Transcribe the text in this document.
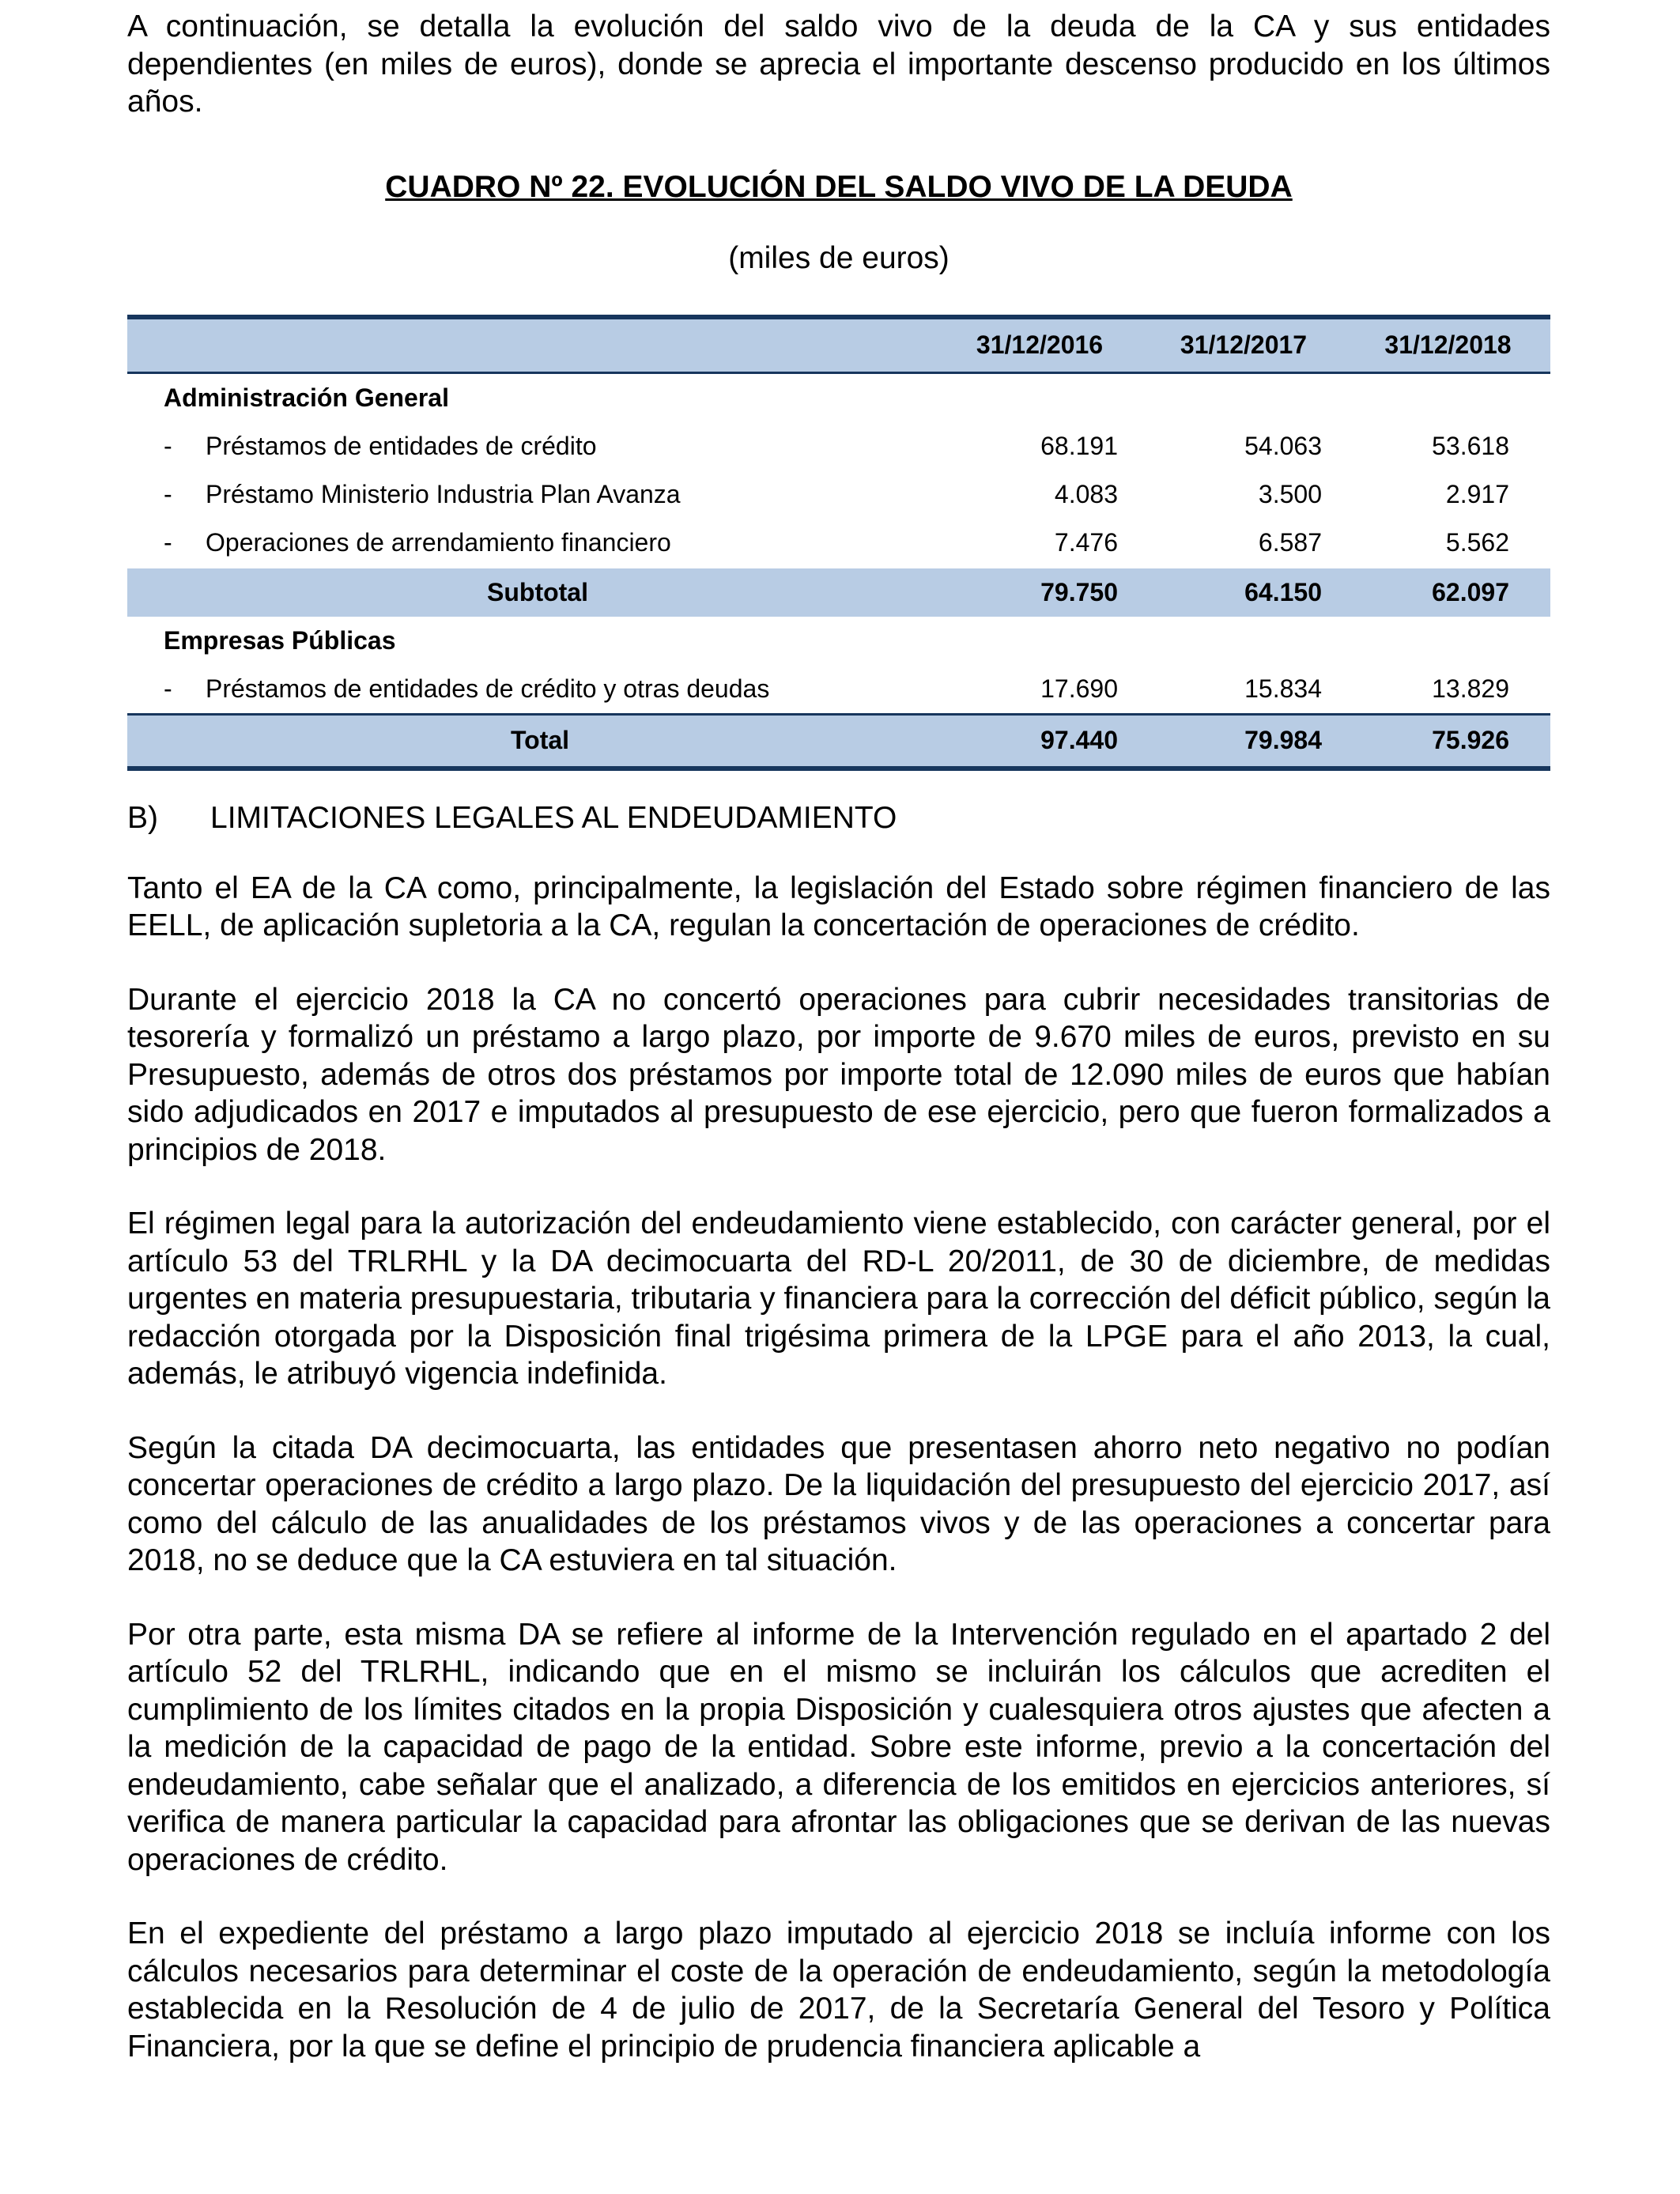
A continuación, se detalla la evolución del saldo vivo de la deuda de la CA y sus entidades dependientes (en miles de euros), donde se aprecia el importante descenso producido en los últimos años.

CUADRO Nº 22. EVOLUCIÓN DEL SALDO VIVO DE LA DEUDA
(miles de euros)
	31/12/2016	31/12/2017	31/12/2018
Administración General			
- Préstamos de entidades de crédito	68.191	54.063	53.618
- Préstamo Ministerio Industria Plan Avanza	4.083	3.500	2.917
- Operaciones de arrendamiento financiero	7.476	6.587	5.562
Subtotal	79.750	64.150	62.097
Empresas Públicas			
- Préstamos de entidades de crédito y otras deudas	17.690	15.834	13.829
Total	97.440	79.984	75.926
B)	LIMITACIONES LEGALES AL ENDEUDAMIENTO

Tanto el EA de la CA como, principalmente, la legislación del Estado sobre régimen financiero de las EELL, de aplicación supletoria a la CA, regulan la concertación de operaciones de crédito.

Durante el ejercicio 2018 la CA no concertó operaciones para cubrir necesidades transitorias de tesorería y formalizó un préstamo a largo plazo, por importe de 9.670 miles de euros, previsto en su Presupuesto, además de otros dos préstamos por importe total de 12.090 miles de euros que habían sido adjudicados en 2017 e imputados al presupuesto de ese ejercicio, pero que fueron formalizados a principios de 2018.

El régimen legal para la autorización del endeudamiento viene establecido, con carácter general, por el artículo 53 del TRLRHL y la DA decimocuarta del RD-L 20/2011, de 30 de diciembre, de medidas urgentes en materia presupuestaria, tributaria y financiera para la corrección del déficit público, según la redacción otorgada por la Disposición final trigésima primera de la LPGE para el año 2013, la cual, además, le atribuyó vigencia indefinida.

Según la citada DA decimocuarta, las entidades que presentasen ahorro neto negativo no podían concertar operaciones de crédito a largo plazo. De la liquidación del presupuesto del ejercicio 2017, así como del cálculo de las anualidades de los préstamos vivos y de las operaciones a concertar para 2018, no se deduce que la CA estuviera en tal situación.

Por otra parte, esta misma DA se refiere al informe de la Intervención regulado en el apartado 2 del artículo 52 del TRLRHL, indicando que en el mismo se incluirán los cálculos que acrediten el cumplimiento de los límites citados en la propia Disposición y cualesquiera otros ajustes que afecten a la medición de la capacidad de pago de la entidad. Sobre este informe, previo a la concertación del endeudamiento, cabe señalar que el analizado, a diferencia de los emitidos en ejercicios anteriores, sí verifica de manera particular la capacidad para afrontar las obligaciones que se derivan de las nuevas operaciones de crédito.

En el expediente del préstamo a largo plazo imputado al ejercicio 2018 se incluía informe con los cálculos necesarios para determinar el coste de la operación de endeudamiento, según la metodología establecida en la Resolución de 4 de julio de 2017, de la Secretaría General del Tesoro y Política Financiera, por la que se define el principio de prudencia financiera aplicable a
